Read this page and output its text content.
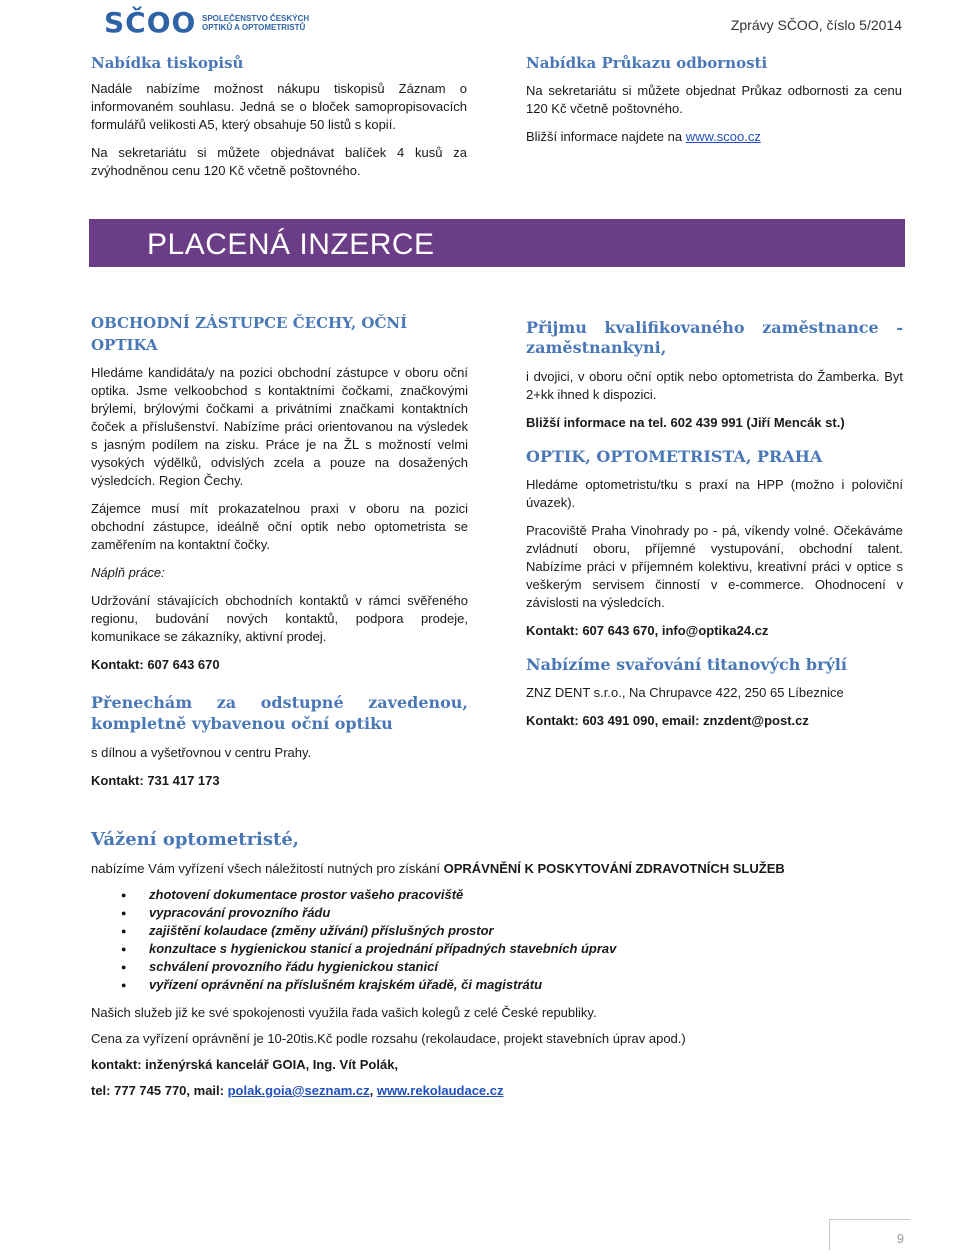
SČOO SPOLEČENSTVO ČESKÝCH
OPTIKŮ A OPTOMETRISTŮ	Zprávy SČOO, číslo 5/2014
Nabídka tiskopisů
Nadále nabízíme možnost nákupu tiskopisů Záznam o informovaném souhlasu. Jedná se o bloček samopropisovacích formulářů velikosti A5, který obsahuje 50 listů s kopií.
Na sekretariátu si můžete objednávat balíček 4 kusů za zvýhodněnou cenu 120 Kč včetně poštovného.
Nabídka Průkazu odbornosti
Na sekretariátu si můžete objednat Průkaz odbornosti za cenu 120 Kč včetně poštovného.
Bližší informace najdete na www.scoo.cz
PLACENÁ INZERCE
OBCHODNÍ ZÁSTUPCE ČECHY, OČNÍ OPTIKA
Hledáme kandidáta/y na pozici obchodní zástupce v oboru oční optika. Jsme velkoobchod s kontaktními čočkami, značkovými brýlemi, brýlovými čočkami a privátními značkami kontaktních čoček a příslušenství. Nabízíme práci orientovanou na výsledek s jasným podílem na zisku. Práce je na ŽL s možností velmi vysokých výdělků, odvislých zcela a pouze na dosažených výsledcích. Region Čechy.
Zájemce musí mít prokazatelnou praxi v oboru na pozici obchodní zástupce, ideálně oční optik nebo optometrista se zaměřením na kontaktní čočky.
Náplň práce:
Udržování stávajících obchodních kontaktů v rámci svěřeného regionu, budování nových kontaktů, podpora prodeje, komunikace se zákazníky, aktivní prodej.
Kontakt: 607 643 670
Přenechám za odstupné zavedenou, kompletně vybavenou oční optiku
s dílnou a vyšetřovnou v centru Prahy.
Kontakt: 731 417 173
Přijmu kvalifikovaného zaměstnance - zaměstnankyni,
i dvojici, v oboru oční optik nebo optometrista do Žamberka. Byt 2+kk ihned k dispozici.
Bližší informace na tel. 602 439 991 (Jiří Mencák st.)
OPTIK, OPTOMETRISTA, PRAHA
Hledáme optometristu/tku s praxí na HPP (možno i poloviční úvazek).
Pracoviště Praha Vinohrady po - pá, víkendy volné. Očekáváme zvládnutí oboru, příjemné vystupování, obchodní talent. Nabízíme práci v příjemném kolektivu, kreativní práci v optice s veškerým servisem činností v e-commerce. Ohodnocení v závislosti na výsledcích.
Kontakt: 607 643 670, info@optika24.cz
Nabízíme svařování titanových brýlí
ZNZ DENT s.r.o., Na Chrupavce 422, 250 65 Líbeznice
Kontakt: 603 491 090, email: znzdent@post.cz
Vážení optometristé,
nabízíme Vám vyřízení všech náležitostí nutných pro získání OPRÁVNĚNÍ K POSKYTOVÁNÍ ZDRAVOTNÍCH SLUŽEB
● zhotovení dokumentace prostor vašeho pracoviště
● vypracování provozního řádu
● zajištění kolaudace (změny užívání) příslušných prostor
● konzultace s hygienickou stanicí a projednání případných stavebních úprav
● schválení provozního řádu hygienickou stanicí
● vyřízení oprávnění na příslušném krajském úřadě, či magistrátu
Našich služeb již ke své spokojenosti využila řada vašich kolegů z celé České republiky.
Cena za vyřízení oprávnění je 10-20tis.Kč podle rozsahu (rekolaudace, projekt stavebních úprav apod.)
kontakt: inženýrská kancelář GOIA, Ing. Vít Polák,
tel: 777 745 770, mail: polak.goia@seznam.cz, www.rekolaudace.cz
9
